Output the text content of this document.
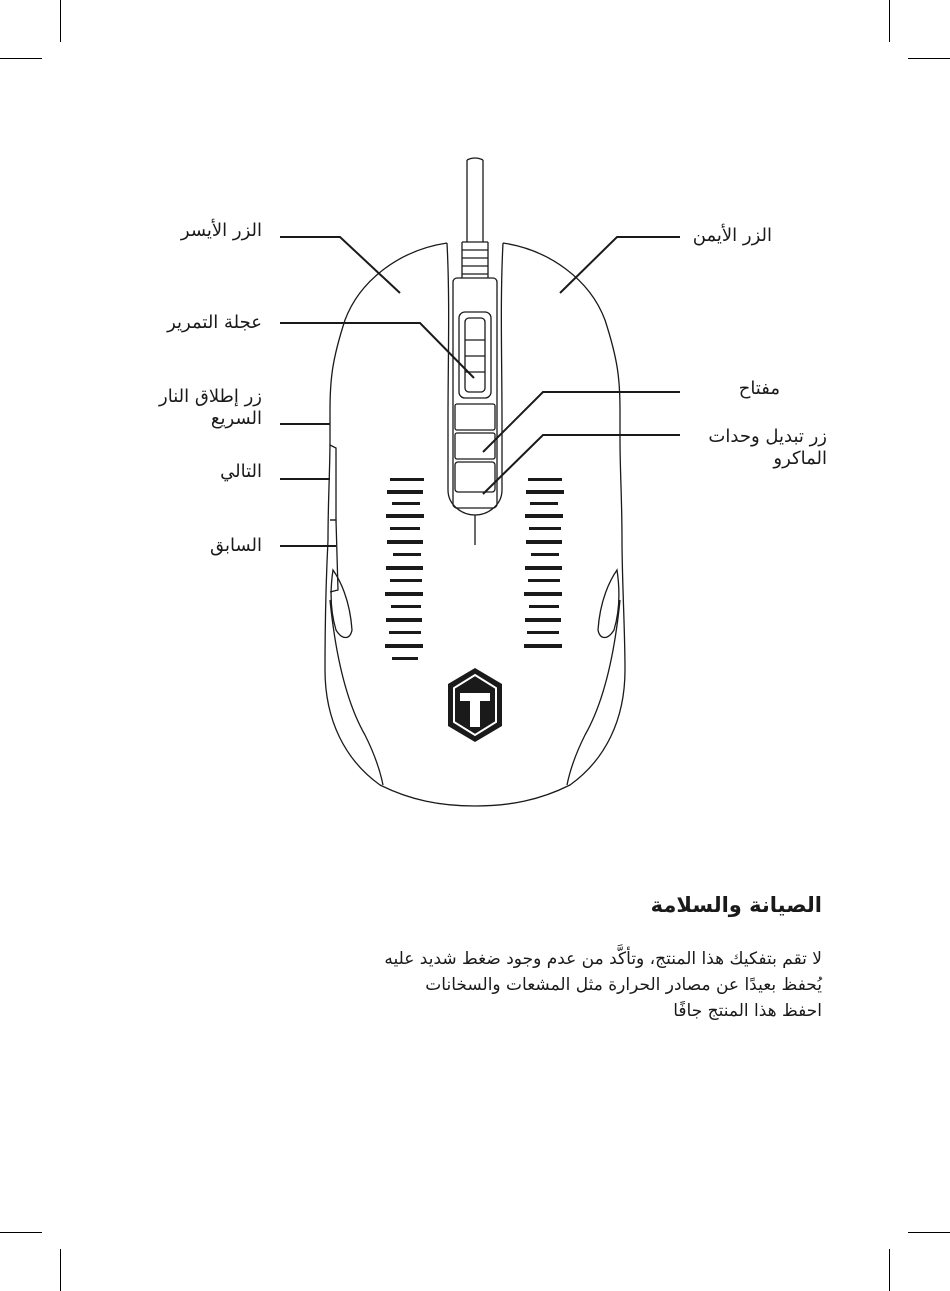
الزر الأيسر
عجلة التمرير
زر إطلاق النار
السريع
التالي
السابق
الزر الأيمن
مفتاح
زر تبديل وحدات
الماكرو
الصيانة والسلامة
لا تقم بتفكيك هذا المنتج، وتأكَّد من عدم وجود ضغط شديد عليه
يُحفظ بعيدًا عن مصادر الحرارة مثل المشعات والسخانات
احفظ هذا المنتج جافًا
